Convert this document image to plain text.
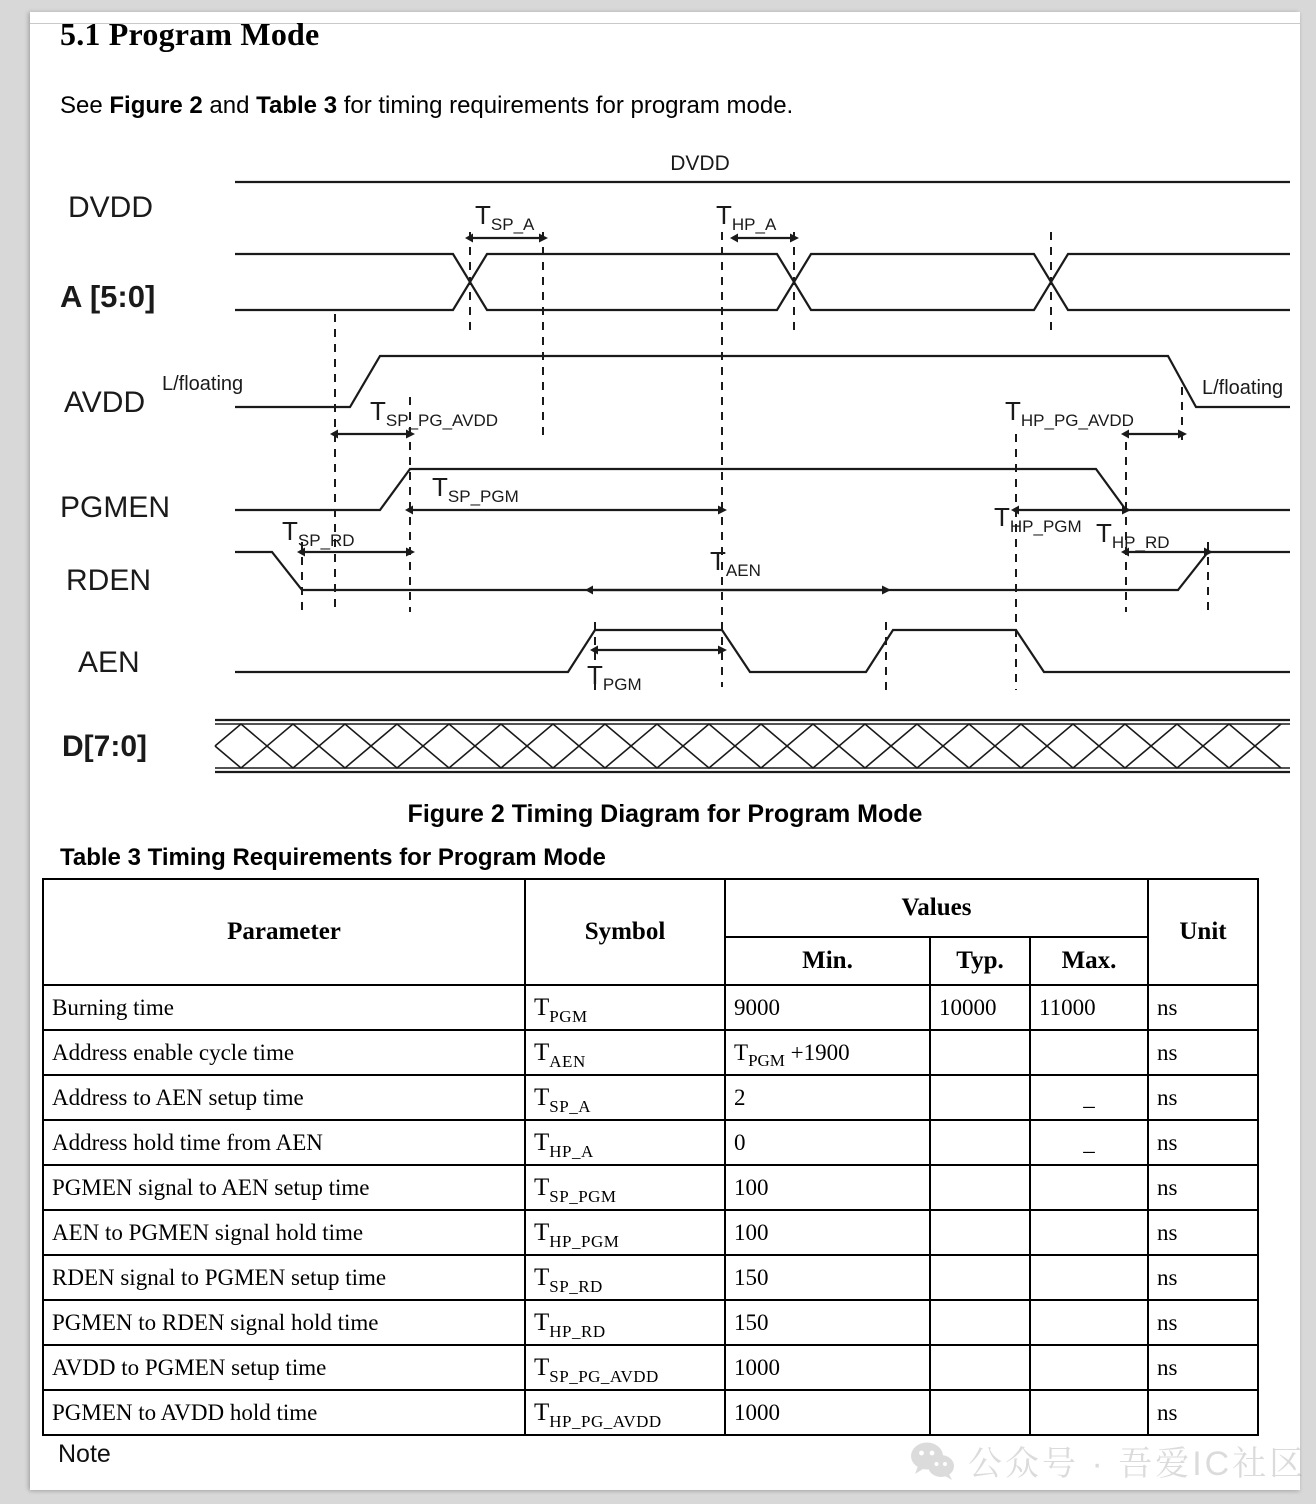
5.1 Program Mode
See Figure 2 and Table 3 for timing requirements for program mode.
DVDD
A [5:0]
AVDD
PGMEN
RDEN
AEN
D[7:0]
DVDD
L/floating	L/floating
$T_{SP\_A}$	$T_{HP\_A}$
$T_{SP\_PG\_AVDD}$	$T_{HP\_PG\_AVDD}$
$T_{SP\_PGM}$
$T_{HP\_PGM}$
$T_{SP\_RD}$	$T_{HP\_RD}$
$T_{AEN}$
$T_{PGM}$
Figure 2 Timing Diagram for Program Mode
Table 3 Timing Requirements for Program Mode
Parameter	Symbol	Values			Unit
		Min.	Typ.	Max.	
Burning time	$T_{PGM}$	9000	10000	11000	ns
Address enable cycle time	$T_{AEN}$	$T_{PGM} +1900$			ns
Address to AEN setup time	$T_{SP\_A}$	2		_	ns
Address hold time from AEN	$T_{HP\_A}$	0		_	ns
PGMEN signal to AEN setup time	$T_{SP\_PGM}$	100			ns
AEN to PGMEN signal hold time	$T_{HP\_PGM}$	100			ns
RDEN signal to PGMEN setup time	$T_{SP\_RD}$	150			ns
PGMEN to RDEN signal hold time	$T_{HP\_RD}$	150			ns
AVDD to PGMEN setup time	$T_{SP\_PG\_AVDD}$	1000			ns
PGMEN to AVDD hold time	$T_{HP\_PG\_AVDD}$	1000			ns
Note	公众号 · 吾爱IC社区
